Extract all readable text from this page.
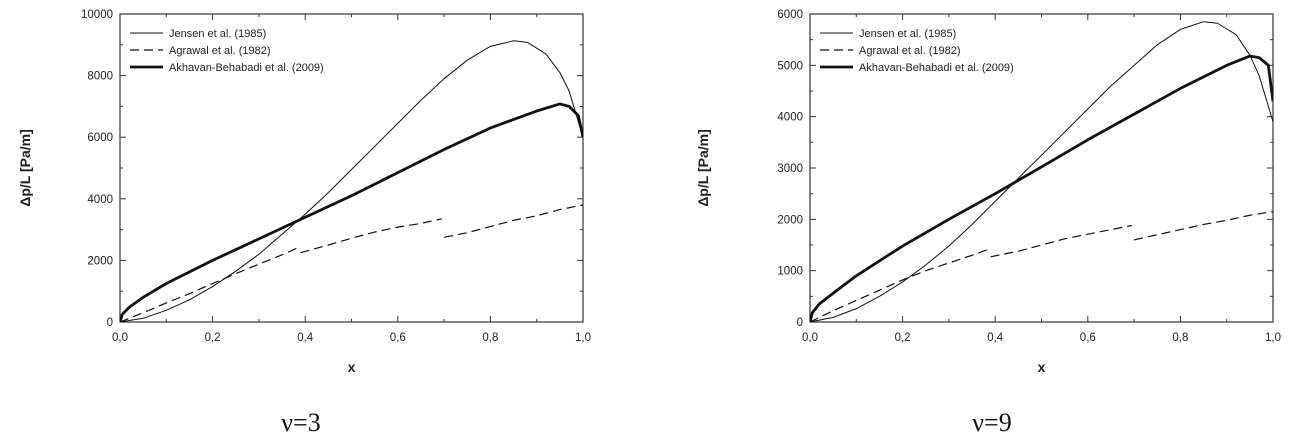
0,0	0,2	0,4	0,6	0,8	1,0
0
2000
4000
6000
8000
10000
x
Δp/L [Pa/m]
Jensen et al. (1985)
Agrawal et al. (1982)
Akhavan-Behabadi et al. (2009)
ν=3
0,0	0,2	0,4	0,6	0,8	1,0
0
1000
2000
3000
4000
5000
6000
x
Δp/L [Pa/m]
Jensen et al. (1985)
Agrawal et al. (1982)
Akhavan-Behabadi et al. (2009)
ν=9
